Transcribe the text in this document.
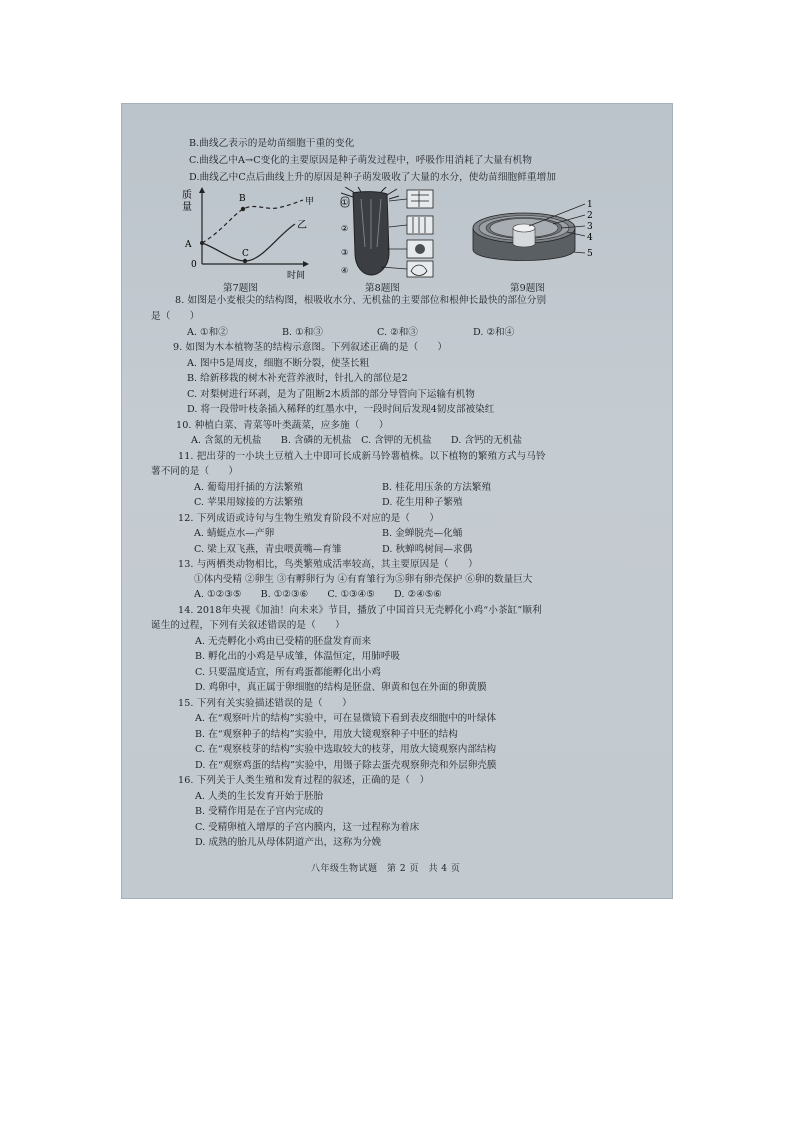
B.曲线乙表示的是幼苗细胞干重的变化
C.曲线乙中A→C变化的主要原因是种子萌发过程中，呼吸作用消耗了大量有机物
D.曲线乙中C点后曲线上升的原因是种子萌发吸收了大量的水分，使幼苗细胞鲜重增加
质
量
0
A
B	甲
C
乙
时间
第7题图
①
②
③
④
第8题图
1
2
3
4
5
第9题图
8. 如图是小麦根尖的结构图，根吸收水分、无机盐的主要部位和根伸长最快的部位分别
是（　　）
A. ①和②	B. ①和③	C. ②和③	D. ②和④
9. 如图为木本植物茎的结构示意图。下列叙述正确的是（　　）
A. 图中5是周皮，细胞不断分裂，使茎长粗
B. 给新移栽的树木补充营养液时，针扎入的部位是2
C. 对梨树进行环剥，是为了阻断2木质部的部分导管向下运输有机物
D. 将一段带叶枝条插入稀释的红墨水中，一段时间后发现4韧皮部被染红
10. 种植白菜、青菜等叶类蔬菜，应多施（　　）
A. 含氮的无机盐　　B. 含磷的无机盐　C. 含钾的无机盐　　D. 含钙的无机盐
11. 把出芽的一小块土豆植入土中即可长成新马铃薯植株。以下植物的繁殖方式与马铃
薯不同的是（　　）
A. 葡萄用扦插的方法繁殖	B. 桂花用压条的方法繁殖
C. 苹果用嫁接的方法繁殖	D. 花生用种子繁殖
12. 下列成语或诗句与生物生殖发育阶段不对应的是（　　）
A. 蜻蜓点水—产卵	B. 金蝉脱壳—化蛹
C. 梁上双飞燕，青虫喂黄嘴—育雏	D. 秋蝉鸣树间—求偶
13. 与两栖类动物相比，鸟类繁殖成活率较高，其主要原因是（　　）
①体内受精 ②卵生 ③有孵卵行为 ④有育雏行为⑤卵有卵壳保护 ⑥卵的数量巨大
A. ①②③⑤　　B. ①②③⑥　　C. ①③④⑤　　D. ②④⑤⑥
14. 2018年央视《加油！向未来》节目，播放了中国首只无壳孵化小鸡“小茶缸”顺利
诞生的过程，下列有关叙述错误的是（　　）
A. 无壳孵化小鸡由已受精的胚盘发育而来
B. 孵化出的小鸡是早成雏，体温恒定，用肺呼吸
C. 只要温度适宜，所有鸡蛋都能孵化出小鸡
D. 鸡卵中，真正属于卵细胞的结构是胚盘、卵黄和包在外面的卵黄膜
15. 下列有关实验描述错误的是（　　）
A. 在“观察叶片的结构”实验中，可在显微镜下看到表皮细胞中的叶绿体
B. 在“观察种子的结构”实验中，用放大镜观察种子中胚的结构
C. 在“观察枝芽的结构”实验中选取较大的枝芽，用放大镜观察内部结构
D. 在“观察鸡蛋的结构”实验中，用镊子除去蛋壳观察卵壳和外层卵壳膜
16. 下列关于人类生殖和发育过程的叙述，正确的是（　）
A. 人类的生长发育开始于胚胎
B. 受精作用是在子宫内完成的
C. 受精卵植入增厚的子宫内膜内，这一过程称为着床
D. 成熟的胎儿从母体阴道产出，这称为分娩
八年级生物试题　第 2 页　共 4 页
